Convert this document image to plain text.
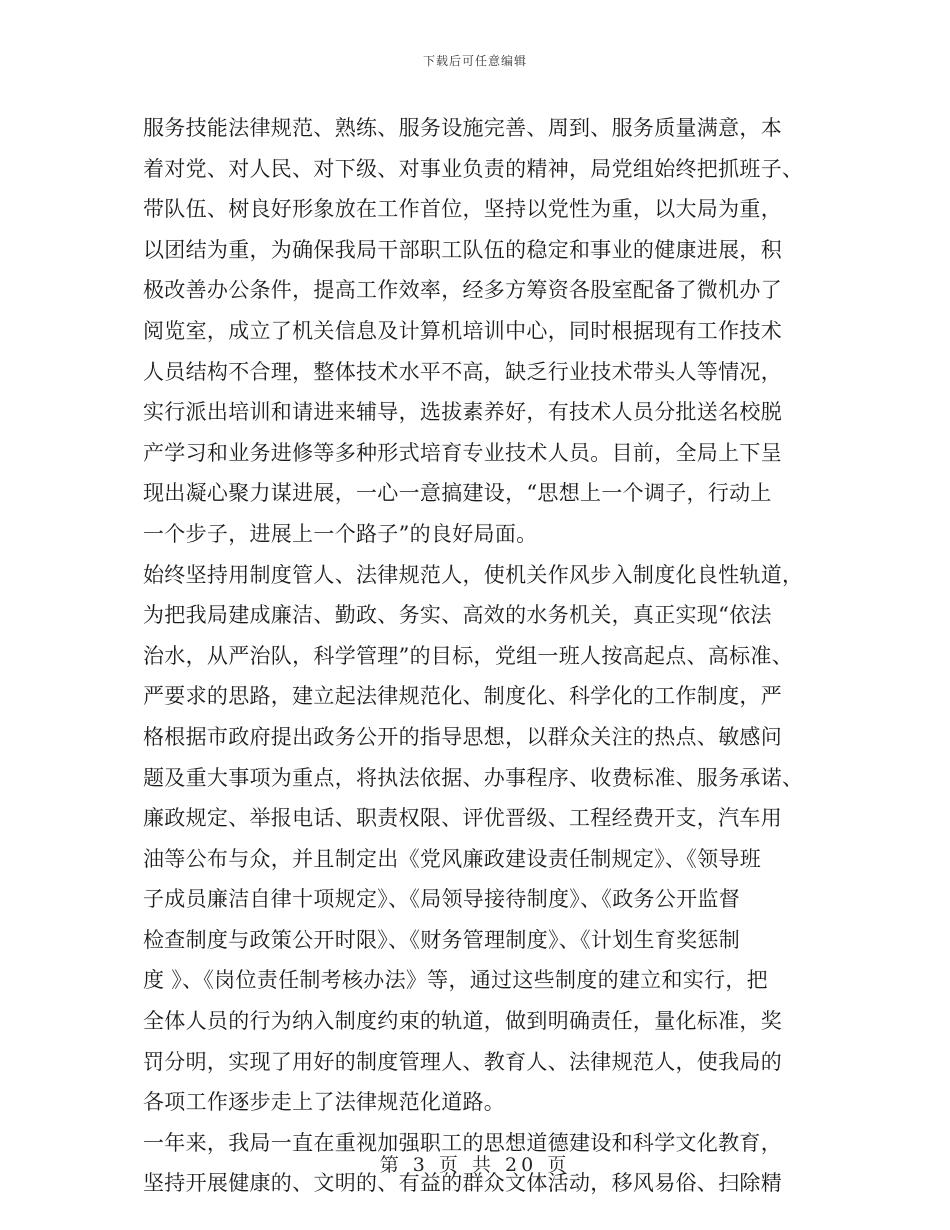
下载后可任意编辑
服务技能法律规范、熟练、服务设施完善、周到、服务质量满意，本
着对党、对人民、对下级、对事业负责的精神，局党组始终把抓班子、
带队伍、树良好形象放在工作首位，坚持以党性为重，以大局为重，
以团结为重，为确保我局干部职工队伍的稳定和事业的健康进展，积
极改善办公条件，提高工作效率，经多方筹资各股室配备了微机办了
阅览室，成立了机关信息及计算机培训中心，同时根据现有工作技术
人员结构不合理，整体技术水平不高，缺乏行业技术带头人等情况，
实行派出培训和请进来辅导，选拔素养好，有技术人员分批送名校脱
产学习和业务进修等多种形式培育专业技术人员。目前，全局上下呈
现出凝心聚力谋进展，一心一意搞建设，“思想上一个调子，行动上
一个步子，进展上一个路子”的良好局面。
始终坚持用制度管人、法律规范人，使机关作风步入制度化良性轨道，
为把我局建成廉洁、勤政、务实、高效的水务机关，真正实现“依法
治水，从严治队，科学管理”的目标，党组一班人按高起点、高标准、
严要求的思路，建立起法律规范化、制度化、科学化的工作制度，严
格根据市政府提出政务公开的指导思想，以群众关注的热点、敏感问
题及重大事项为重点，将执法依据、办事程序、收费标准、服务承诺、
廉政规定、举报电话、职责权限、评优晋级、工程经费开支，汽车用
油等公布与众，并且制定出《党风廉政建设责任制规定》、《领导班
子成员廉洁自律十项规定》、《局领导接待制度》、《政务公开监督
检查制度与政策公开时限》、《财务管理制度》、《计划生育奖惩制
度 》、《岗位责任制考核办法》等，通过这些制度的建立和实行，把
全体人员的行为纳入制度约束的轨道，做到明确责任，量化标准，奖
罚分明，实现了用好的制度管理人、教育人、法律规范人，使我局的
各项工作逐步走上了法律规范化道路。
一年来，我局一直在重视加强职工的思想道德建设和科学文化教育，
坚持开展健康的、文明的、有益的群众文体活动，移风易俗、扫除精
第 3 页 共 20 页
